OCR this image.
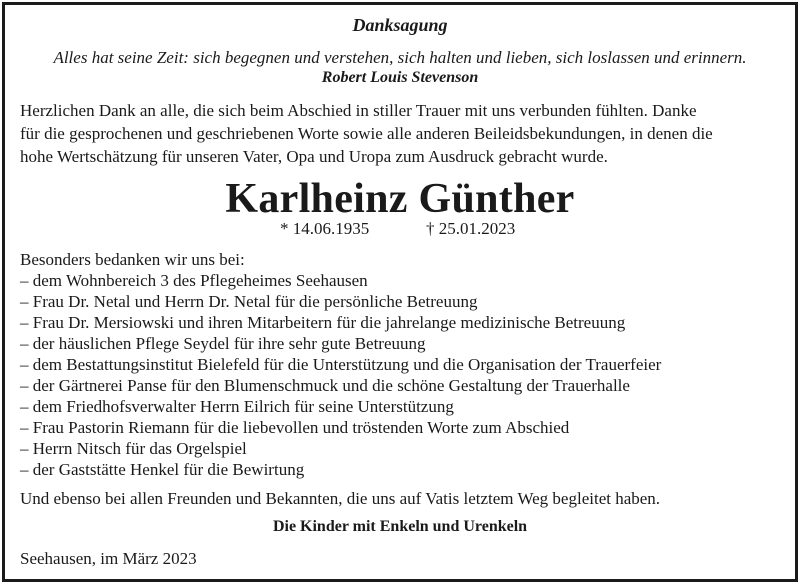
Danksagung
Alles hat seine Zeit: sich begegnen und verstehen, sich halten und lieben, sich loslassen und erinnern.
Robert Louis Stevenson
Herzlichen Dank an alle, die sich beim Abschied in stiller Trauer mit uns verbunden fühlten. Danke
für die gesprochenen und geschriebenen Worte sowie alle anderen Beileidsbekundungen, in denen die
hohe Wertschätzung für unseren Vater, Opa und Uropa zum Ausdruck gebracht wurde.
Karlheinz Günther
* 14.06.1935	† 25.01.2023
Besonders bedanken wir uns bei:
– dem Wohnbereich 3 des Pflegeheimes Seehausen
– Frau Dr. Netal und Herrn Dr. Netal für die persönliche Betreuung
– Frau Dr. Mersiowski und ihren Mitarbeitern für die jahrelange medizinische Betreuung
– der häuslichen Pflege Seydel für ihre sehr gute Betreuung
– dem Bestattungsinstitut Bielefeld für die Unterstützung und die Organisation der Trauerfeier
– der Gärtnerei Panse für den Blumenschmuck und die schöne Gestaltung der Trauerhalle
– dem Friedhofsverwalter Herrn Eilrich für seine Unterstützung
– Frau Pastorin Riemann für die liebevollen und tröstenden Worte zum Abschied
– Herrn Nitsch für das Orgelspiel
– der Gaststätte Henkel für die Bewirtung
Und ebenso bei allen Freunden und Bekannten, die uns auf Vatis letztem Weg begleitet haben.
Die Kinder mit Enkeln und Urenkeln
Seehausen, im März 2023
